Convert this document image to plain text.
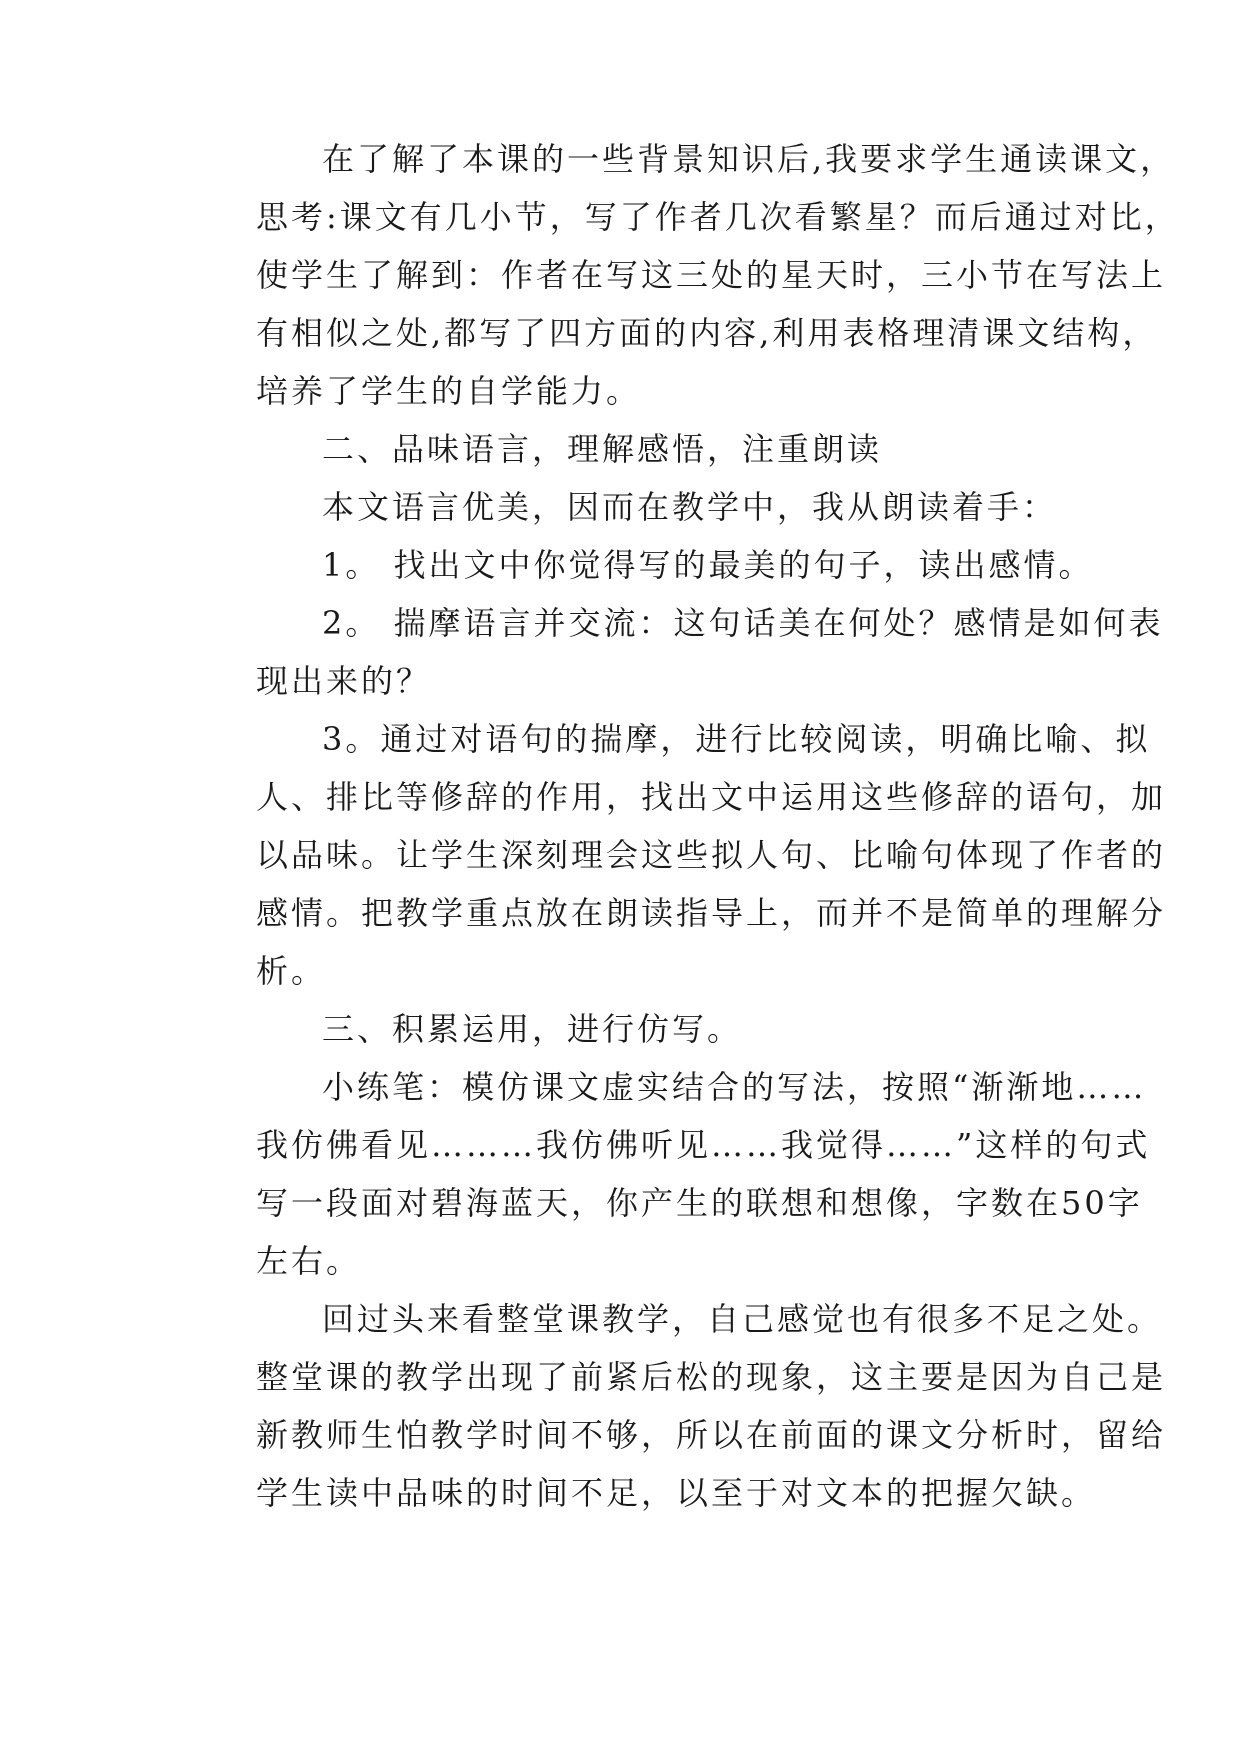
在了解了本课的一些背景知识后,我要求学生通读课文，
思考:课文有几小节，写了作者几次看繁星？而后通过对比，
使学生了解到：作者在写这三处的星天时，三小节在写法上
有相似之处,都写了四方面的内容,利用表格理清课文结构，
培养了学生的自学能力。
二、品味语言，理解感悟，注重朗读
本文语言优美，因而在教学中，我从朗读着手：
1。 找出文中你觉得写的最美的句子，读出感情。
2。 揣摩语言并交流：这句话美在何处？感情是如何表
现出来的？
3。通过对语句的揣摩，进行比较阅读，明确比喻、拟
人、排比等修辞的作用，找出文中运用这些修辞的语句，加
以品味。让学生深刻理会这些拟人句、比喻句体现了作者的
感情。把教学重点放在朗读指导上，而并不是简单的理解分
析。
三、积累运用，进行仿写。
小练笔：模仿课文虚实结合的写法，按照“渐渐地……
我仿佛看见………我仿佛听见……我觉得……”这样的句式
写一段面对碧海蓝天，你产生的联想和想像，字数在50字
左右。
回过头来看整堂课教学，自己感觉也有很多不足之处。
整堂课的教学出现了前紧后松的现象，这主要是因为自己是
新教师生怕教学时间不够，所以在前面的课文分析时，留给
学生读中品味的时间不足，以至于对文本的把握欠缺。
